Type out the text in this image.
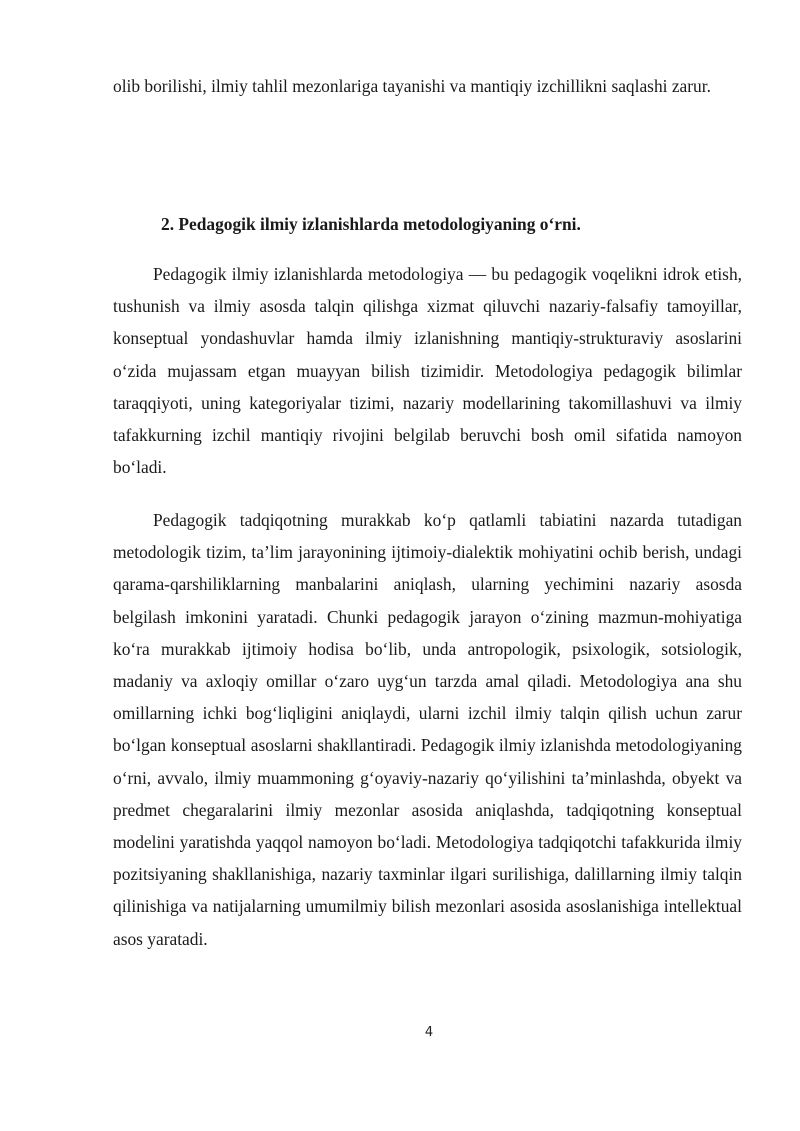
olib borilishi, ilmiy tahlil mezonlariga tayanishi va mantiqiy izchillikni saqlashi zarur.

2. Pedagogik ilmiy izlanishlarda metodologiyaning o‘rni.

Pedagogik ilmiy izlanishlarda metodologiya — bu pedagogik voqelikni idrok etish, tushunish va ilmiy asosda talqin qilishga xizmat qiluvchi nazariy-falsafiy tamoyillar, konseptual yondashuvlar hamda ilmiy izlanishning mantiqiy-strukturaviy asoslarini o‘zida mujassam etgan muayyan bilish tizimidir. Metodologiya pedagogik bilimlar taraqqiyoti, uning kategoriyalar tizimi, nazariy modellarining takomillashuvi va ilmiy tafakkurning izchil mantiqiy rivojini belgilab beruvchi bosh omil sifatida namoyon bo‘ladi.

Pedagogik tadqiqotning murakkab ko‘p qatlamli tabiatini nazarda tutadigan metodologik tizim, ta’lim jarayonining ijtimoiy-dialektik mohiyatini ochib berish, undagi qarama-qarshiliklarning manbalarini aniqlash, ularning yechimini nazariy asosda belgilash imkonini yaratadi. Chunki pedagogik jarayon o‘zining mazmun-mohiyatiga ko‘ra murakkab ijtimoiy hodisa bo‘lib, unda antropologik, psixologik, sotsiologik, madaniy va axloqiy omillar o‘zaro uyg‘un tarzda amal qiladi. Metodologiya ana shu omillarning ichki bog‘liqligini aniqlaydi, ularni izchil ilmiy talqin qilish uchun zarur bo‘lgan konseptual asoslarni shakllantiradi. Pedagogik ilmiy izlanishda metodologiyaning o‘rni, avvalo, ilmiy muammoning g‘oyaviy-nazariy qo‘yilishini ta’minlashda, obyekt va predmet chegaralarini ilmiy mezonlar asosida aniqlashda, tadqiqotning konseptual modelini yaratishda yaqqol namoyon bo‘ladi. Metodologiya tadqiqotchi tafakkurida ilmiy pozitsiyaning shakllanishiga, nazariy taxminlar ilgari surilishiga, dalillarning ilmiy talqin qilinishiga va natijalarning umumilmiy bilish mezonlari asosida asoslanishiga intellektual asos yaratadi.

4
